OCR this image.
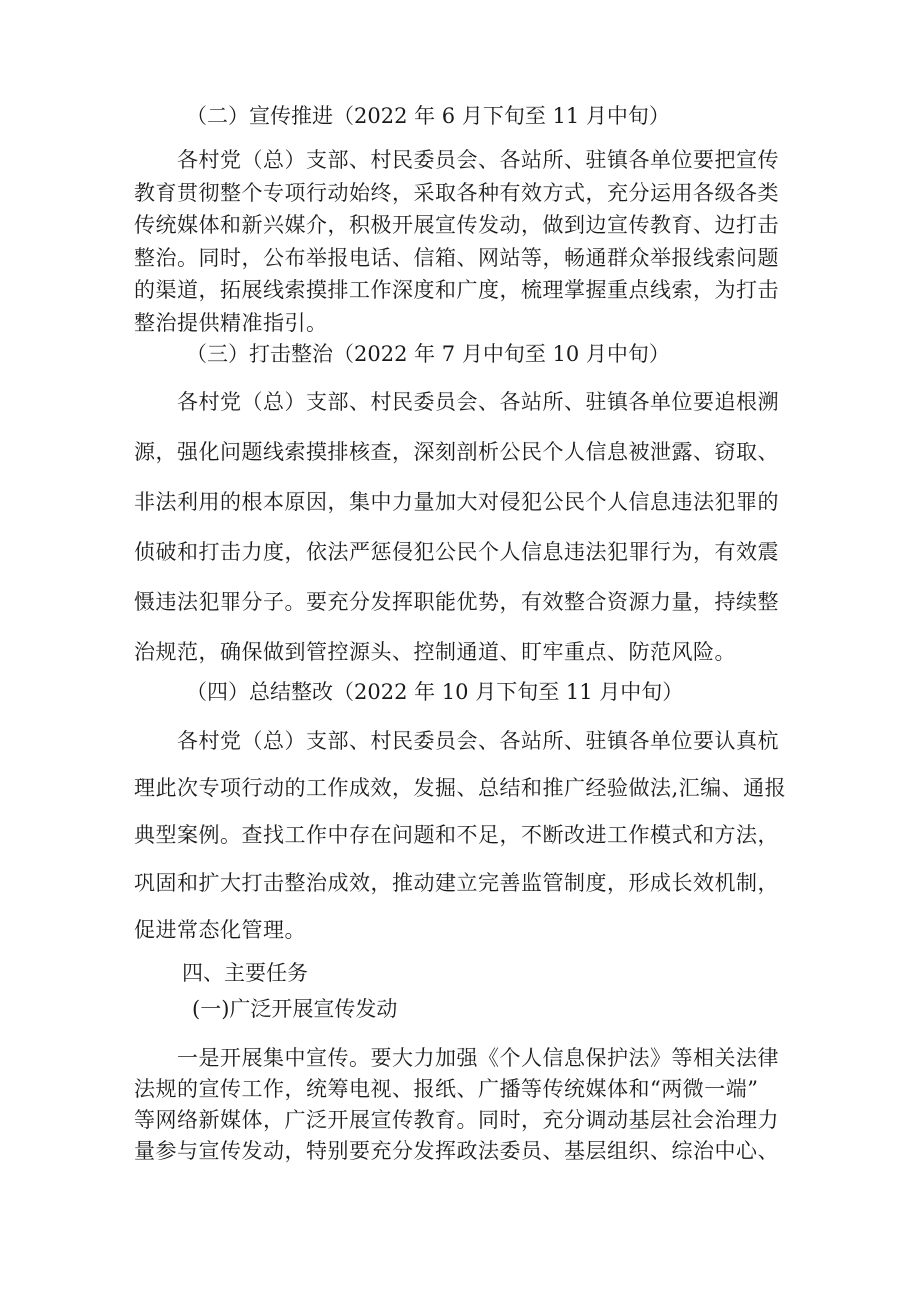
（二）宣传推进（2022 年 6 月下旬至 11 月中旬）

　　各村党（总）支部、村民委员会、各站所、驻镇各单位要把宣传
教育贯彻整个专项行动始终，采取各种有效方式，充分运用各级各类
传统媒体和新兴媒介，积极开展宣传发动，做到边宣传教育、边打击
整治。同时，公布举报电话、信箱、网站等，畅通群众举报线索问题
的渠道，拓展线索摸排工作深度和广度，梳理掌握重点线索，为打击
整治提供精准指引。

（三）打击整治（2022 年 7 月中旬至 10 月中旬）

　　各村党（总）支部、村民委员会、各站所、驻镇各单位要追根溯
源，强化问题线索摸排核查，深刻剖析公民个人信息被泄露、窃取、
非法利用的根本原因，集中力量加大对侵犯公民个人信息违法犯罪的
侦破和打击力度，依法严惩侵犯公民个人信息违法犯罪行为，有效震
慑违法犯罪分子。要充分发挥职能优势，有效整合资源力量，持续整
治规范，确保做到管控源头、控制通道、盯牢重点、防范风险。

（四）总结整改（2022 年 10 月下旬至 11 月中旬）

　　各村党（总）支部、村民委员会、各站所、驻镇各单位要认真杭
理此次专项行动的工作成效，发掘、总结和推广经验做法,汇编、通报
典型案例。查找工作中存在问题和不足，不断改进工作模式和方法，
巩固和扩大打击整治成效，推动建立完善监管制度，形成长效机制，
促进常态化管理。

四、主要任务
(一)广泛开展宣传发动

　　一是开展集中宣传。要大力加强《个人信息保护法》等相关法律
法规的宣传工作，统筹电视、报纸、广播等传统媒体和“两微一端”
等网络新媒体，广泛开展宣传教育。同时，充分调动基层社会治理力
量参与宣传发动，特别要充分发挥政法委员、基层组织、综治中心、
